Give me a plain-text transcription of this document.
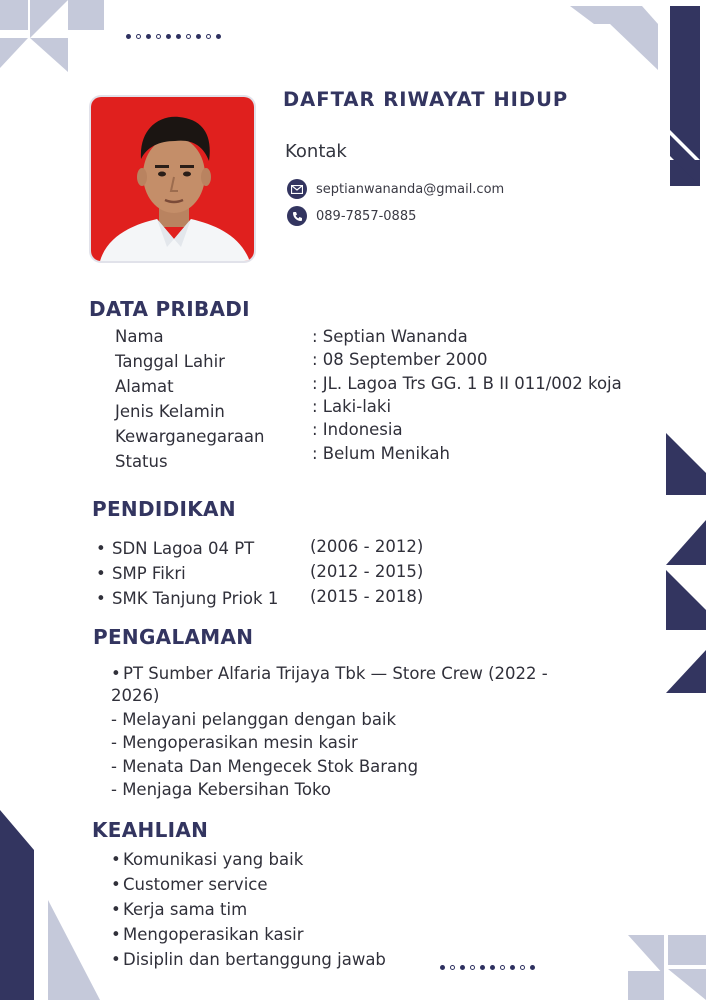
DAFTAR RIWAYAT HIDUP
Kontak
septianwananda@gmail.com
089-7857-0885
DATA PRIBADI
Nama	: Septian Wananda
Tanggal Lahir	: 08 September 2000
Alamat	: JL. Lagoa Trs GG. 1 B II 011/002 koja
Jenis Kelamin	: Laki-laki
Kewarganegaraan	: Indonesia
Status	: Belum Menikah
PENDIDIKAN
• SDN Lagoa 04 PT	(2006 - 2012)
• SMP Fikri	(2012 - 2015)
• SMK Tanjung Priok 1 (2015 - 2018)
PENGALAMAN
• PT Sumber Alfaria Trijaya Tbk — Store Crew (2022 -
2026)
- Melayani pelanggan dengan baik
- Mengoperasikan mesin kasir
- Menata Dan Mengecek Stok Barang
- Menjaga Kebersihan Toko
KEAHLIAN
• Komunikasi yang baik
• Customer service
• Kerja sama tim
• Mengoperasikan kasir
• Disiplin dan bertanggung jawab
